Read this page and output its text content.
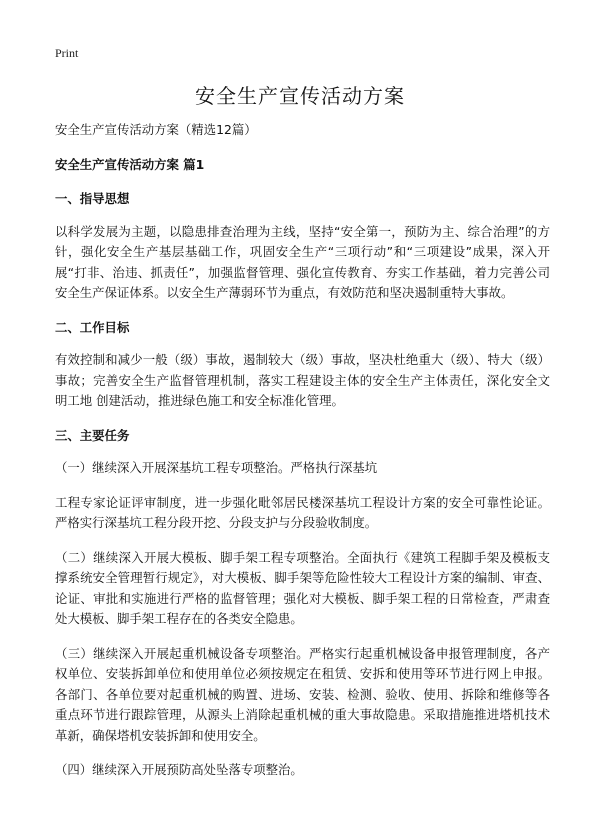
Print
安全生产宣传活动方案

安全生产宣传活动方案（精选12篇）

安全生产宣传活动方案 篇1

一、指导思想

以科学发展为主题，以隐患排查治理为主线，坚持“安全第一，预防为主、综合治理”的方针，强化安全生产基层基础工作，巩固安全生产“三项行动”和“三项建设”成果，深入开展“打非、治违、抓责任”，加强监督管理、强化宣传教育、夯实工作基础，着力完善公司安全生产保证体系。以安全生产薄弱环节为重点，有效防范和坚决遏制重特大事故。

二、工作目标

有效控制和减少一般（级）事故，遏制较大（级）事故，坚决杜绝重大（级）、特大（级）事故；完善安全生产监督管理机制，落实工程建设主体的安全生产主体责任，深化安全文明工地 创建活动，推进绿色施工和安全标准化管理。

三、主要任务

（一）继续深入开展深基坑工程专项整治。严格执行深基坑

工程专家论证评审制度，进一步强化毗邻居民楼深基坑工程设计方案的安全可靠性论证。严格实行深基坑工程分段开挖、分段支护与分段验收制度。

（二）继续深入开展大模板、脚手架工程专项整治。全面执行《建筑工程脚手架及模板支撑系统安全管理暂行规定》，对大模板、脚手架等危险性较大工程设计方案的编制、审查、论证、审批和实施进行严格的监督管理；强化对大模板、脚手架工程的日常检查，严肃查处大模板、脚手架工程存在的各类安全隐患。

（三）继续深入开展起重机械设备专项整治。严格实行起重机械设备申报管理制度，各产权单位、安装拆卸单位和使用单位必须按规定在租赁、安拆和使用等环节进行网上申报。各部门、各单位要对起重机械的购置、进场、安装、检测、验收、使用、拆除和维修等各重点环节进行跟踪管理，从源头上消除起重机械的重大事故隐患。采取措施推进塔机技术革新，确保塔机安装拆卸和使用安全。

（四）继续深入开展预防高处坠落专项整治。
